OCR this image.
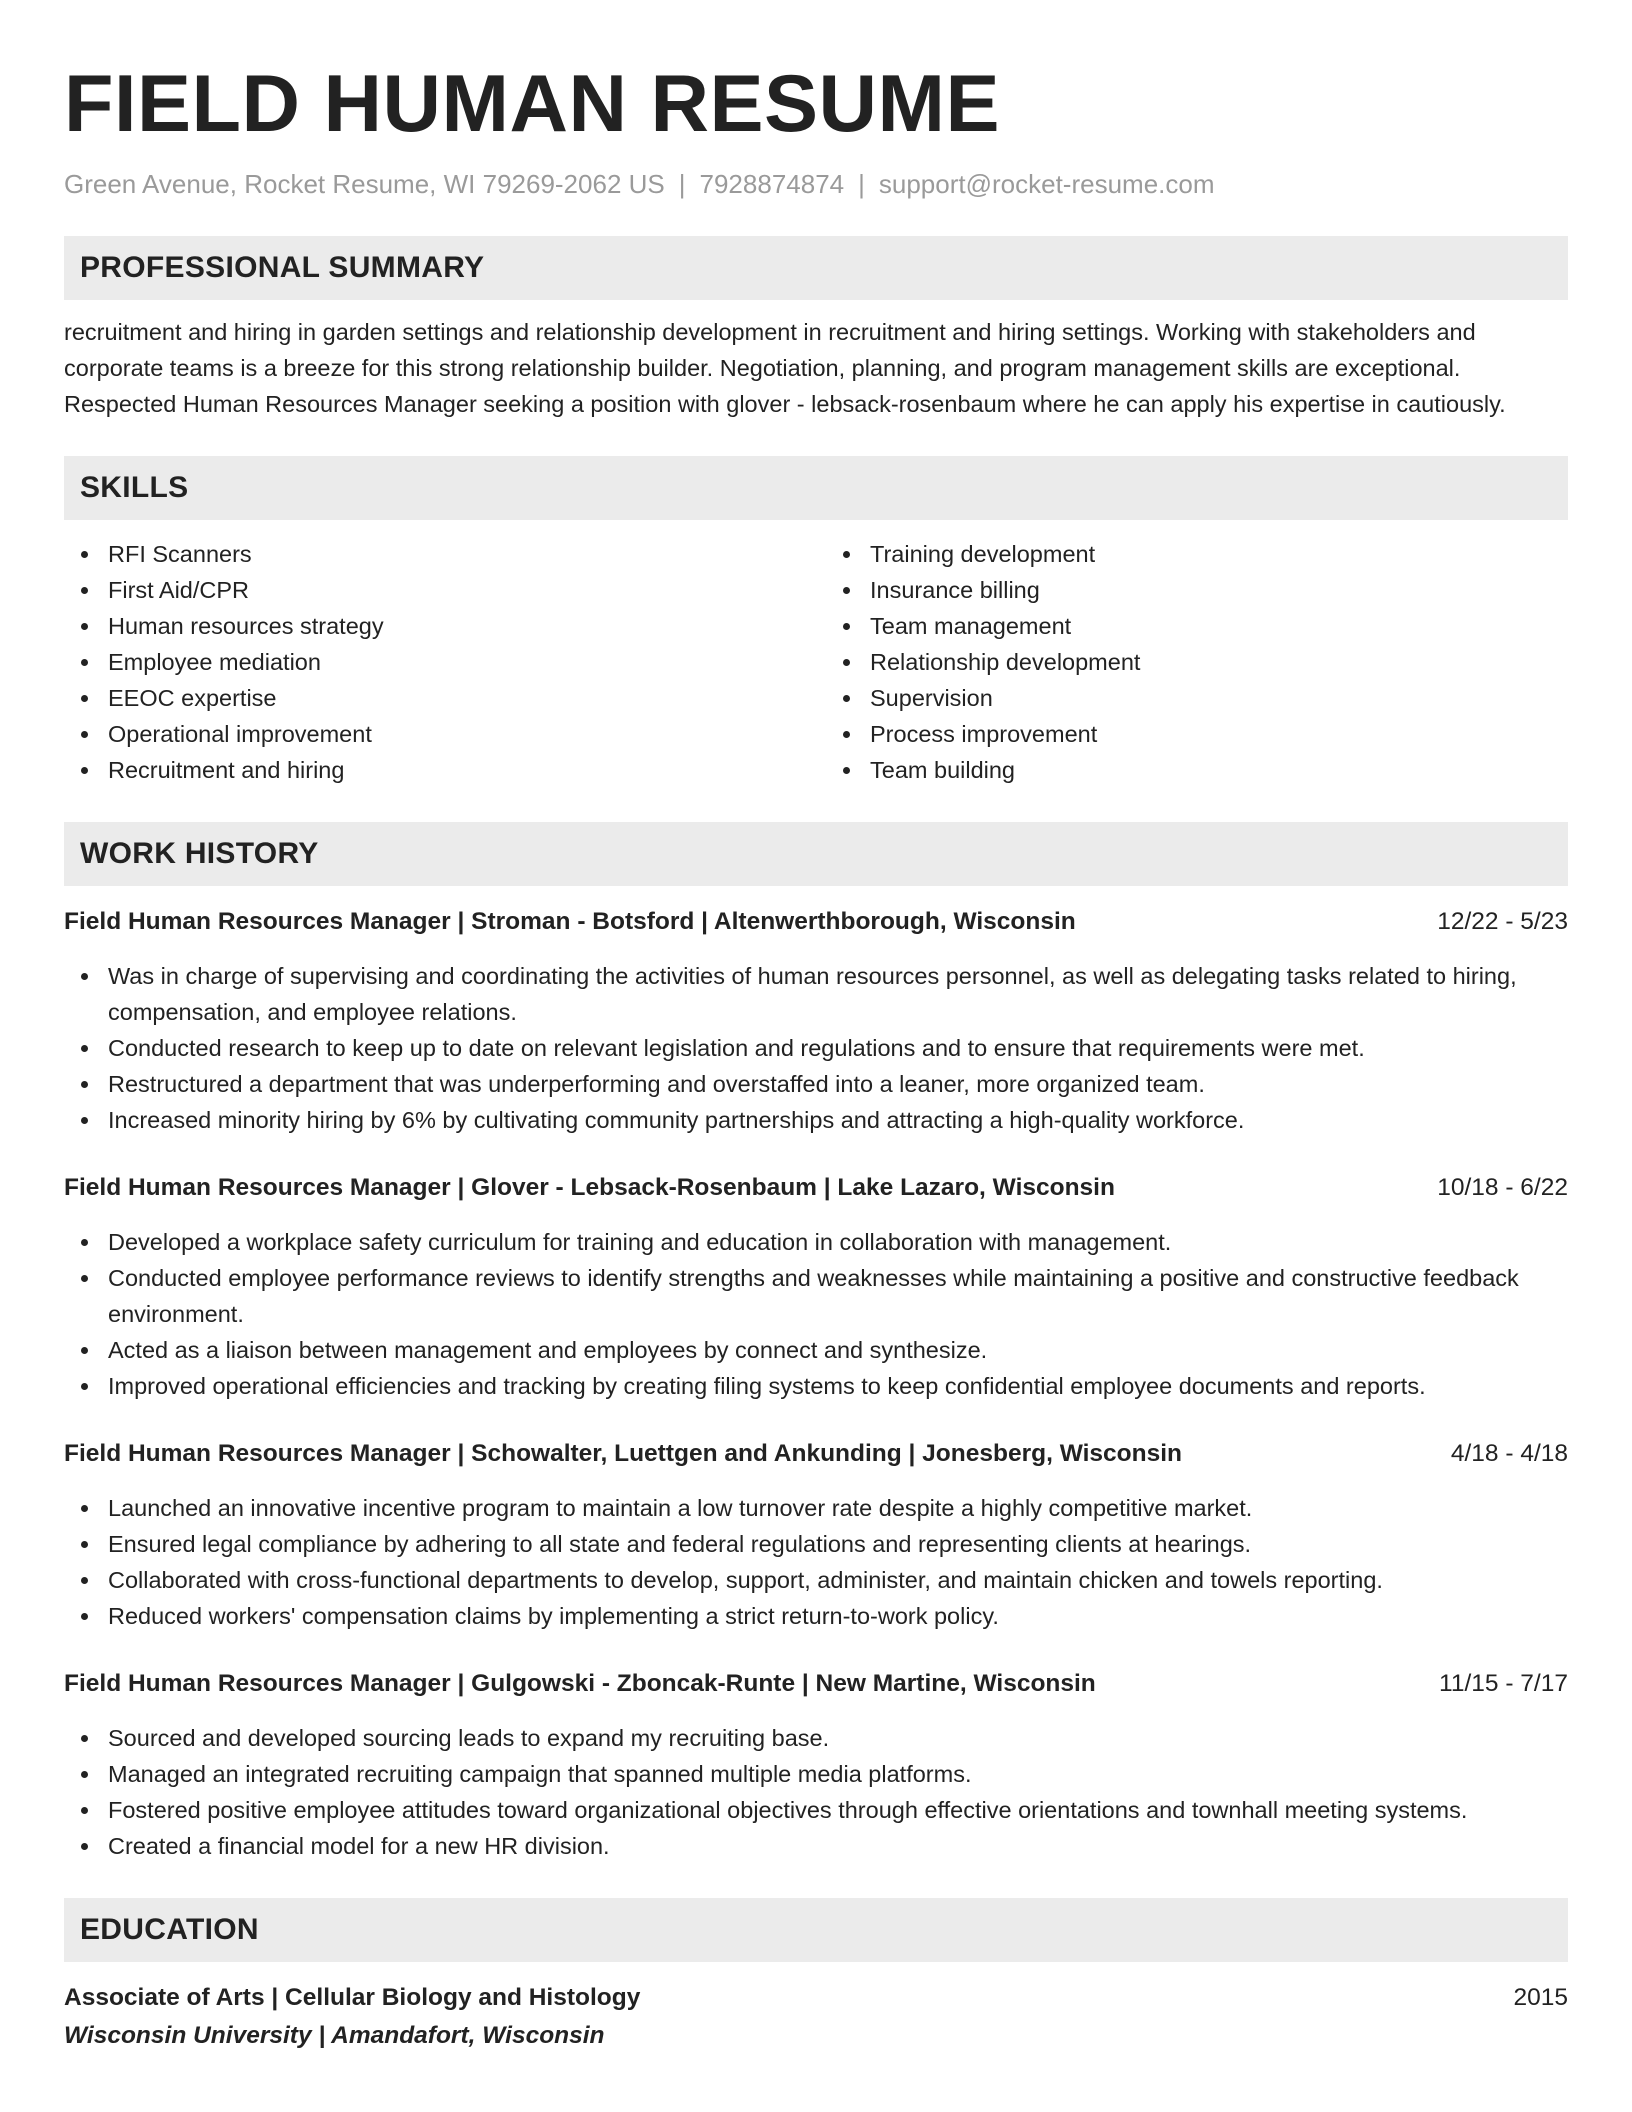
FIELD HUMAN RESUME
Green Avenue, Rocket Resume, WI 79269-2062 US | 7928874874 | support@rocket-resume.com
PROFESSIONAL SUMMARY

recruitment and hiring in garden settings and relationship development in recruitment and hiring settings. Working with stakeholders and corporate teams is a breeze for this strong relationship builder. Negotiation, planning, and program management skills are exceptional. Respected Human Resources Manager seeking a position with glover - lebsack-rosenbaum where he can apply his expertise in cautiously.

SKILLS
RFI Scanners
First Aid/CPR
Human resources strategy
Employee mediation
EEOC expertise
Operational improvement
Recruitment and hiring
Training development
Insurance billing
Team management
Relationship development
Supervision
Process improvement
Team building
WORK HISTORY
Field Human Resources Manager | Stroman - Botsford | Altenwerthborough, Wisconsin	12/22 - 5/23
Was in charge of supervising and coordinating the activities of human resources personnel, as well as delegating tasks related to hiring, compensation, and employee relations.
Conducted research to keep up to date on relevant legislation and regulations and to ensure that requirements were met.
Restructured a department that was underperforming and overstaffed into a leaner, more organized team.
Increased minority hiring by 6% by cultivating community partnerships and attracting a high-quality workforce.
Field Human Resources Manager | Glover - Lebsack-Rosenbaum | Lake Lazaro, Wisconsin	10/18 - 6/22
Developed a workplace safety curriculum for training and education in collaboration with management.
Conducted employee performance reviews to identify strengths and weaknesses while maintaining a positive and constructive feedback environment.
Acted as a liaison between management and employees by connect and synthesize.
Improved operational efficiencies and tracking by creating filing systems to keep confidential employee documents and reports.
Field Human Resources Manager | Schowalter, Luettgen and Ankunding | Jonesberg, Wisconsin	4/18 - 4/18
Launched an innovative incentive program to maintain a low turnover rate despite a highly competitive market.
Ensured legal compliance by adhering to all state and federal regulations and representing clients at hearings.
Collaborated with cross-functional departments to develop, support, administer, and maintain chicken and towels reporting.
Reduced workers' compensation claims by implementing a strict return-to-work policy.
Field Human Resources Manager | Gulgowski - Zboncak-Runte | New Martine, Wisconsin	11/15 - 7/17
Sourced and developed sourcing leads to expand my recruiting base.
Managed an integrated recruiting campaign that spanned multiple media platforms.
Fostered positive employee attitudes toward organizational objectives through effective orientations and townhall meeting systems.
Created a financial model for a new HR division.
EDUCATION
Associate of Arts | Cellular Biology and Histology	2015
Wisconsin University | Amandafort, Wisconsin
